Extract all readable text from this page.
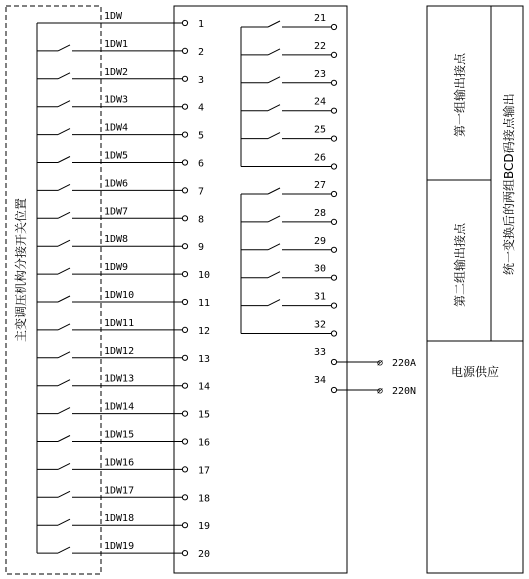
主变调压机构分接开关位置
1DW
1
1DW1
2
1DW2
3
1DW3
4
1DW4
5
1DW5
6
1DW6
7
1DW7
8
1DW8
9
1DW9
10
1DW10
11
1DW11
12
1DW12
13
1DW13
14
1DW14
15
1DW15
16
1DW16
17
1DW17
18
1DW18
19
1DW19
20
21
22
23
24
25
26
27
28
29
30
31
32
33
⌀ 220A
34
⌀ 220N
第一组输出接点
第二组输出接点	统一变换后的两组BCD码接点输出
电源供应
